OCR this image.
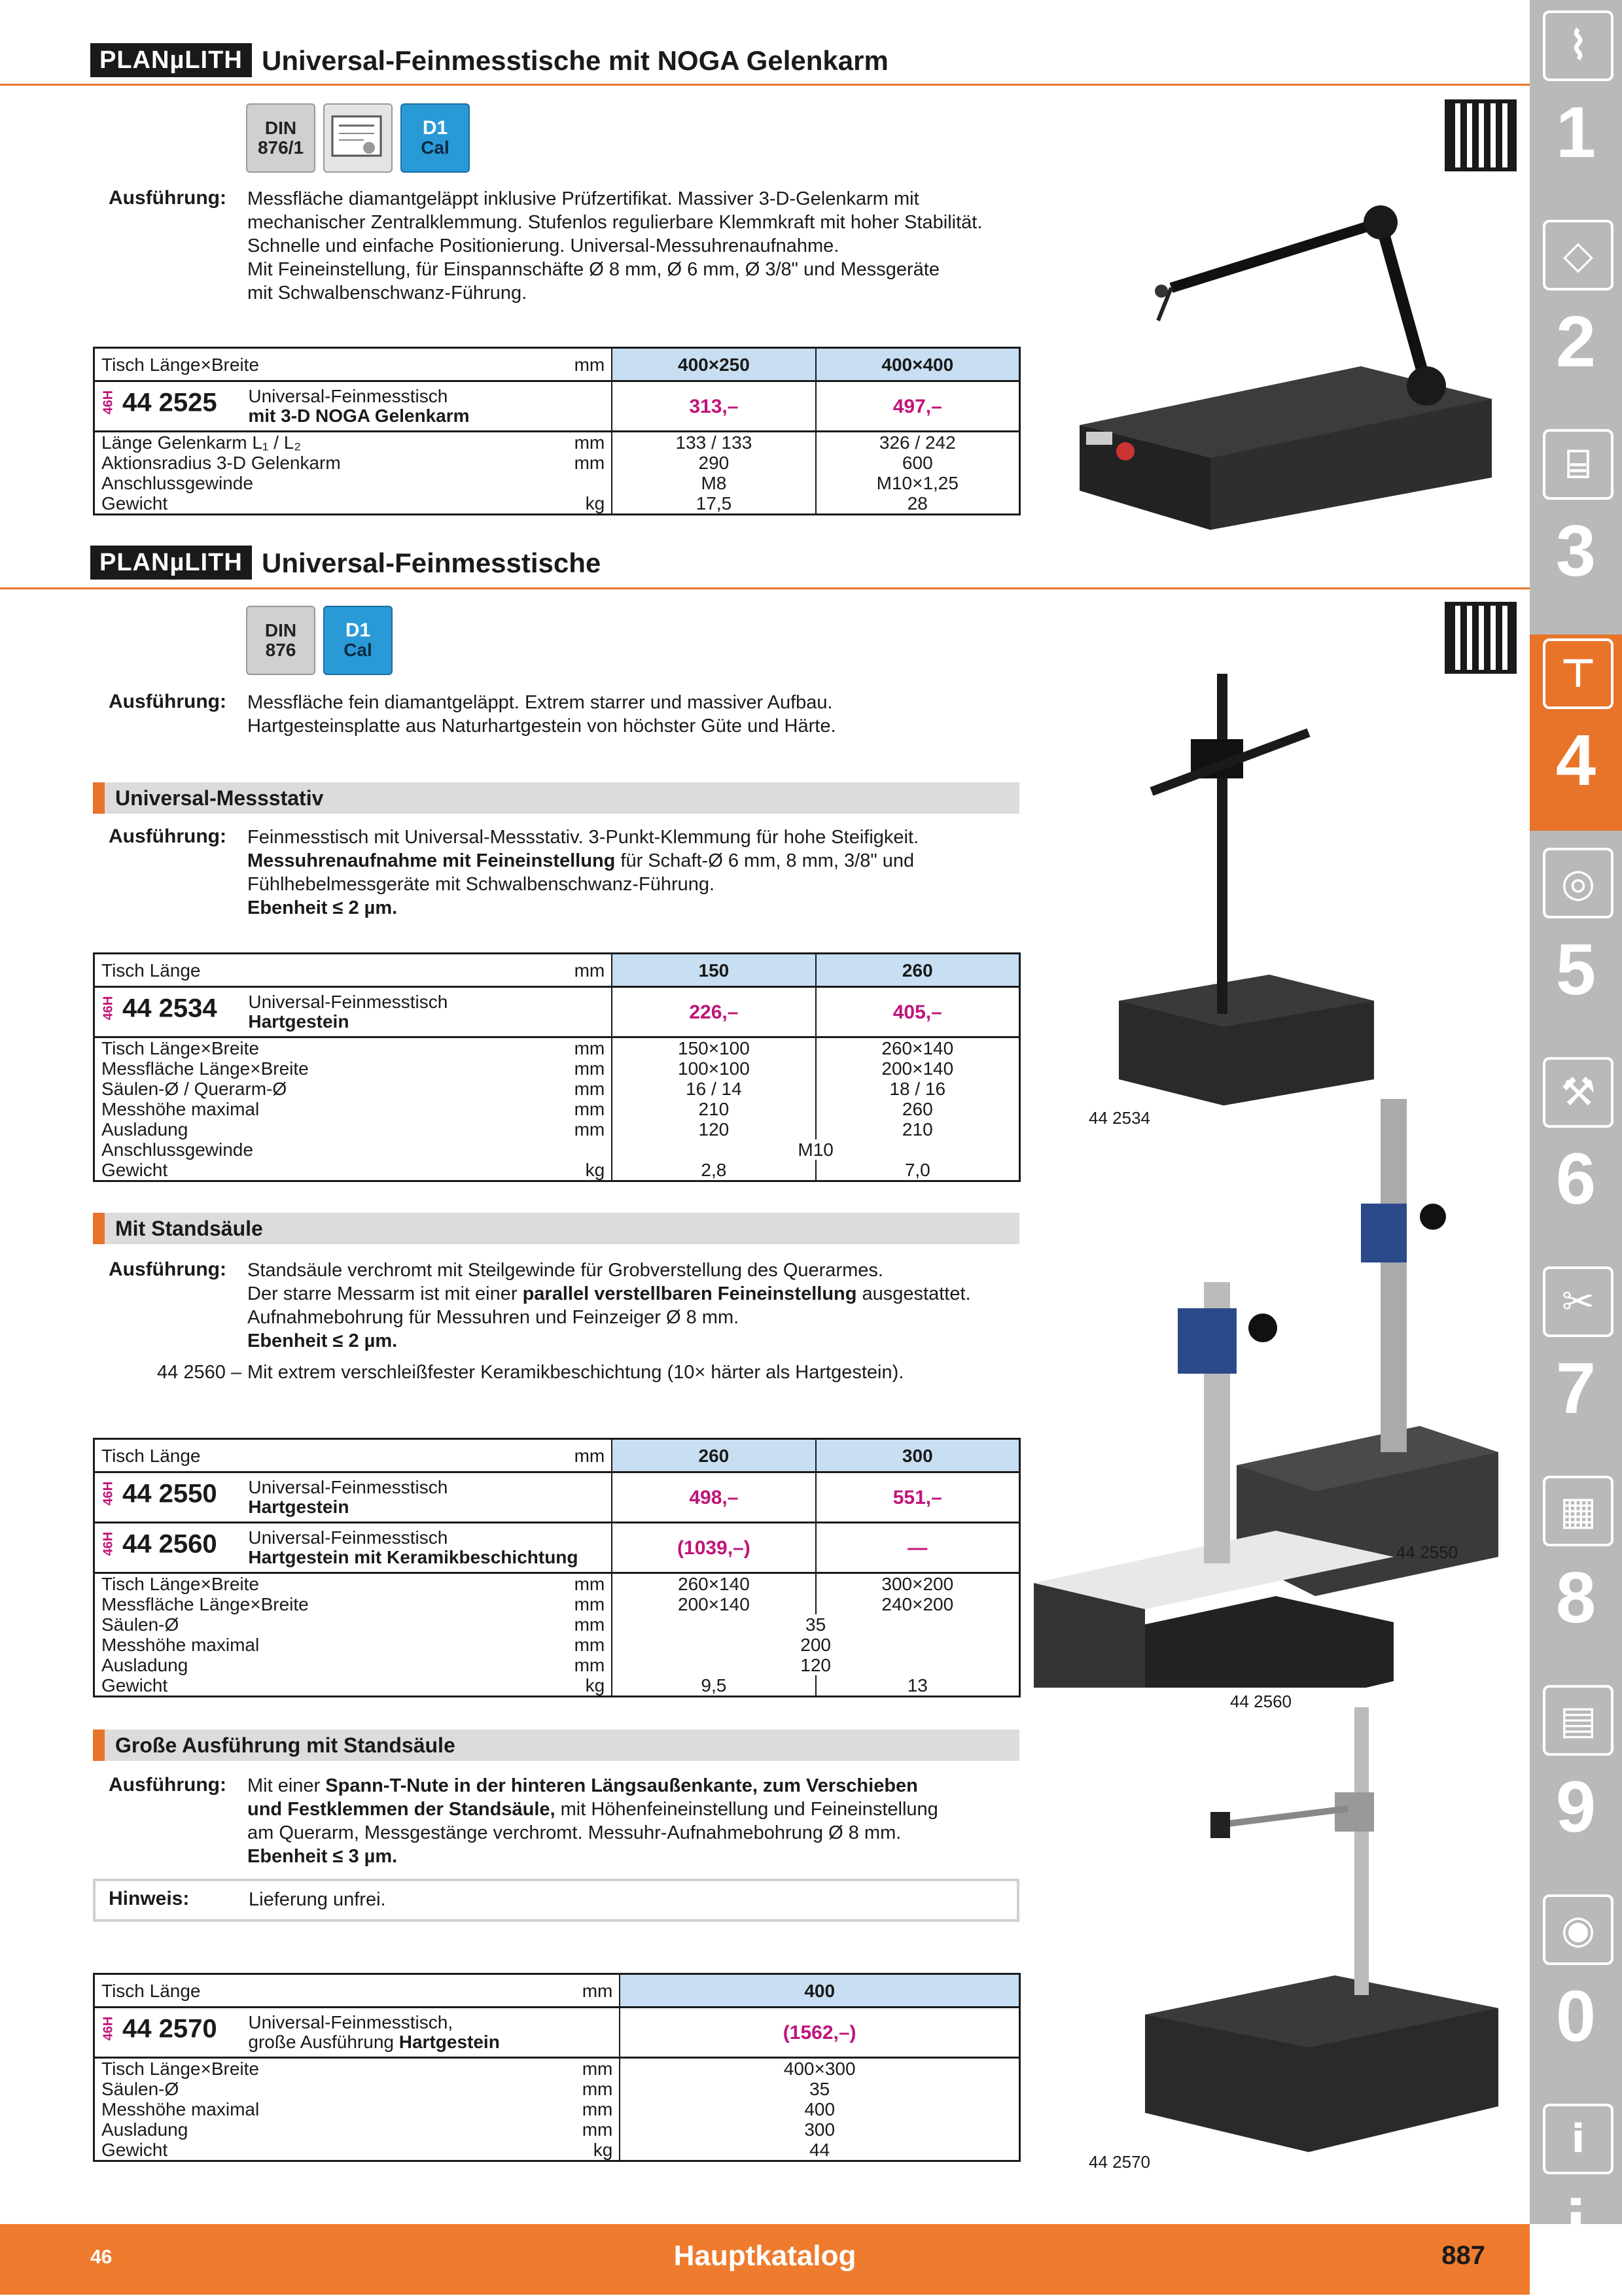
PLANµLITH Universal-Feinmesstische mit NOGA Gelenkarm
DIN 876/1
D1
Cal
Ausführung: Messfläche diamantgeläppt inklusive Prüfzertifikat. Massiver 3-D-Gelenkarm mit
mechanischer Zentralklemmung. Stufenlos regulierbare Klemmkraft mit hoher Stabilität.
Schnelle und einfache Positionierung. Universal-Messuhrenaufnahme.
Mit Feineinstellung, für Einspannschäfte Ø 8 mm, Ø 6 mm, Ø 3/8" und Messgeräte
mit Schwalbenschwanz-Führung.
Tisch Länge×Breite	mm	400×250	400×400
46H 44 2525 Universal-Feinmesstisch
mit 3-D NOGA Gelenkarm		313,–	497,–
Länge Gelenkarm L₁ / L₂	mm	133 / 133	326 / 242
Aktionsradius 3-D Gelenkarm	mm	290	600
Anschlussgewinde		M8	M10×1,25
Gewicht	kg	17,5	28
PLANµLITH Universal-Feinmesstische
DIN 876
D1
Cal
Ausführung: Messfläche fein diamantgeläppt. Extrem starrer und massiver Aufbau.
Hartgesteinsplatte aus Naturhartgestein von höchster Güte und Härte.
Universal-Messstativ
Ausführung: Feinmesstisch mit Universal-Messstativ. 3-Punkt-Klemmung für hohe Steifigkeit.
Messuhrenaufnahme mit Feineinstellung für Schaft-Ø 6 mm, 8 mm, 3/8" und
Fühlhebelmessgeräte mit Schwalbenschwanz-Führung.
Ebenheit ≤ 2 µm.
44 2534
Tisch Länge	mm	150	260
46H 44 2534 Universal-Feinmesstisch
Hartgestein		226,–	405,–
Tisch Länge×Breite	mm	150×100	260×140
Messfläche Länge×Breite	mm	100×100	200×140
Säulen-Ø / Querarm-Ø	mm	16 / 14	18 / 16
Messhöhe maximal	mm	210	260
Ausladung	mm	120	210
Anschlussgewinde		M10	
Gewicht	kg	2,8	7,0
Mit Standsäule
Ausführung: Standsäule verchromt mit Steilgewinde für Grobverstellung des Querarmes.
Der starre Messarm ist mit einer parallel verstellbaren Feineinstellung ausgestattet.
Aufnahmebohrung für Messuhren und Feinzeiger Ø 8 mm.
Ebenheit ≤ 2 µm.
44 2560 – Mit extrem verschleißfester Keramikbeschichtung (10× härter als Hartgestein).
44 2550
44 2560
Tisch Länge	mm	260	300
46H 44 2550 Universal-Feinmesstisch
Hartgestein		498,–	551,–
46H 44 2560 Universal-Feinmesstisch
Hartgestein mit Keramikbeschichtung		(1039,–)	—
Tisch Länge×Breite	mm	260×140	300×200
Messfläche Länge×Breite	mm	200×140	240×200
Säulen-Ø	mm	35	
Messhöhe maximal	mm	200	
Ausladung	mm	120	
Gewicht	kg	9,5	13
Große Ausführung mit Standsäule
Ausführung: Mit einer Spann-T-Nute in der hinteren Längsaußenkante, zum Verschieben
und Festklemmen der Standsäule, mit Höhenfeineinstellung und Feineinstellung
am Querarm, Messgestänge verchromt. Messuhr-Aufnahmebohrung Ø 8 mm.
Ebenheit ≤ 3 µm.
Hinweis:	Lieferung unfrei.
44 2570
Tisch Länge	mm	400
46H 44 2570 Universal-Feinmesstisch,
große Ausführung Hartgestein		(1562,–)
Tisch Länge×Breite	mm	400×300
Säulen-Ø	mm	35
Messhöhe maximal	mm	400
Ausladung	mm	300
Gewicht	kg	44
⌇
1
◇
2
⌸
3
⊤
4
◎
5
⚒
6
✂
7
▦
8
▤
9
◉
0
i
i
46	Hauptkatalog	887
